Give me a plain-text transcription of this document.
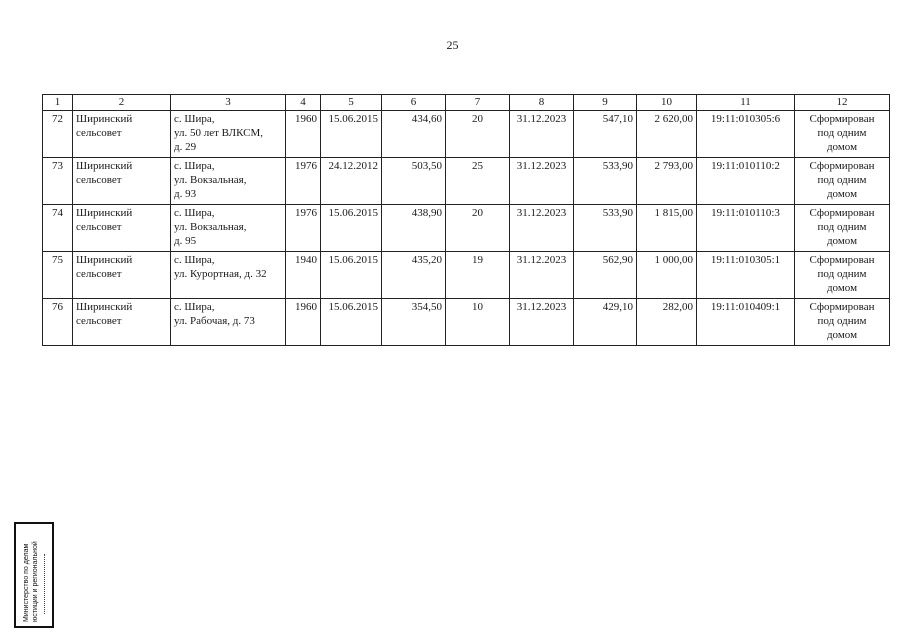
25
1	2	3	4	5	6	7	8	9	10	11	12
72	Ширинский
сельсовет	с. Шира,
ул. 50 лет ВЛКСМ,
д. 29	1960	15.06.2015	434,60	20	31.12.2023	547,10	2 620,00	19:11:010305:6	Сформирован
под одним
домом
73	Ширинский
сельсовет	с. Шира,
ул. Вокзальная,
д. 93	1976	24.12.2012	503,50	25	31.12.2023	533,90	2 793,00	19:11:010110:2	Сформирован
под одним
домом
74	Ширинский
сельсовет	с. Шира,
ул. Вокзальная,
д. 95	1976	15.06.2015	438,90	20	31.12.2023	533,90	1 815,00	19:11:010110:3	Сформирован
под одним
домом
75	Ширинский
сельсовет	с. Шира,
ул. Курортная, д. 32	1940	15.06.2015	435,20	19	31.12.2023	562,90	1 000,00	19:11:010305:1	Сформирован
под одним
домом
76	Ширинский
сельсовет	с. Шира,
ул. Рабочая, д. 73	1960	15.06.2015	354,50	10	31.12.2023	429,10	282,00	19:11:010409:1	Сформирован
под одним
домом
Министерство по делам юстиции и региональной
